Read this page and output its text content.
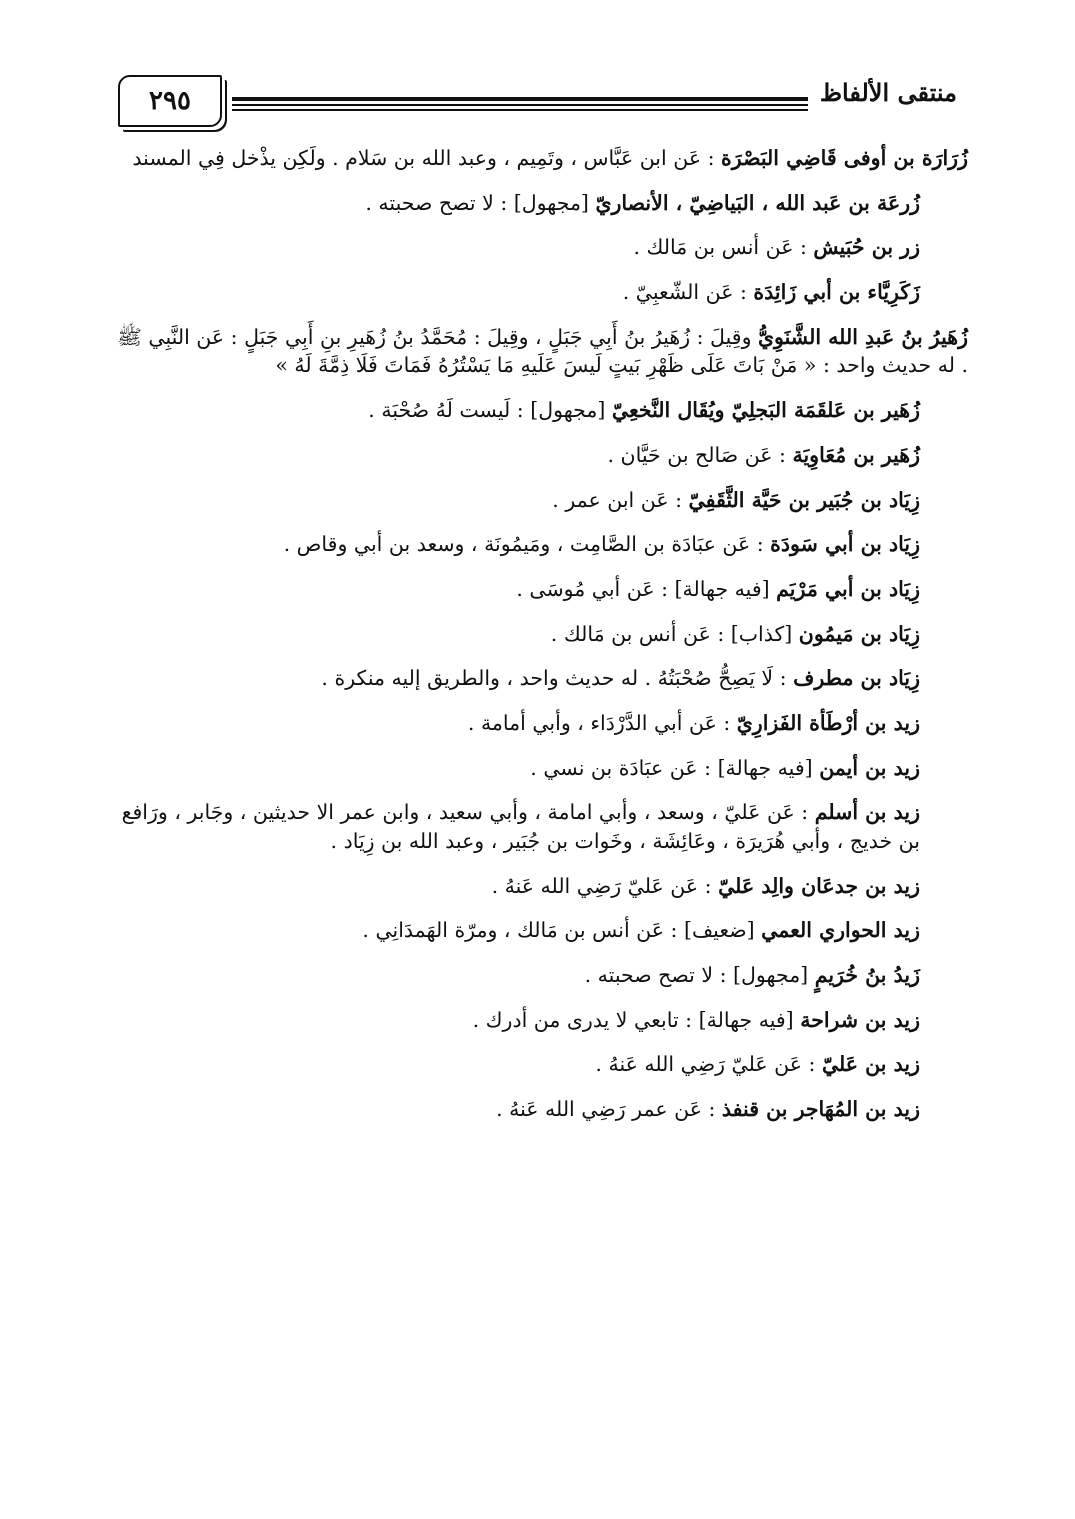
٢٩٥	منتقى الألفاظ

زُرَارَة بن أوفى قَاضِي البَصْرَة : عَن ابن عَبَّاس ، وتَمِيم ، وعبد الله بن سَلام . ولَكِن يذْخل فِي المسند

زُرعَة بن عَبد الله ، البَياضِيّ ، الأنصاريّ [مجهول] : لا تصح صحبته .

زر بن حُبَيش : عَن أنس بن مَالك .

زَكَرِيَّاء بن أبي زَائِدَة : عَن الشّعبِيّ .

زُهَيرُ بنُ عَبدِ الله الشَّنَوِيُّ وقِيلَ : زُهَيرُ بنُ أَبِي جَبَلٍ ، وقِيلَ : مُحَمَّدُ بنُ زُهَيرِ بنِ أَبِي جَبَلٍ : عَن النَّبِي ﷺ . له حديث واحد : « مَنْ بَاتَ عَلَى ظَهْرِ بَيتٍ لَيسَ عَلَيهِ مَا يَسْتُرُهُ فَمَاتَ فَلَا ذِمَّةَ لَهُ »

زُهَير بن عَلقَمَة البَجلِيّ ويُقَال النَّخعِيّ [مجهول] : لَيست لَهُ صُحْبَة .

زُهَير بن مُعَاوِيَة : عَن صَالح بن حَيَّان .

زِيَاد بن جُبَير بن حَيَّة الثَّقَفِيّ : عَن ابن عمر .

زِيَاد بن أبي سَودَة : عَن عبَادَة بن الصَّامِت ، ومَيمُونَة ، وسعد بن أبي وقاص .

زِيَاد بن أبي مَرْيَم [فيه جهالة] : عَن أبي مُوسَى .

زِيَاد بن مَيمُون [كذاب] : عَن أنس بن مَالك .

زِيَاد بن مطرف : لَا يَصِحُّ صُحْبَتُهُ . له حديث واحد ، والطريق إليه منكرة .

زيد بن أرْطَأة الفَزارِيّ : عَن أبي الدَّرْدَاء ، وأبي أمامة .

زيد بن أيمن [فيه جهالة] : عَن عبَادَة بن نسي .

زيد بن أسلم : عَن عَليّ ، وسعد ، وأبي امامة ، وأبي سعيد ، وابن عمر الا حديثين ، وجَابر ، ورَافع بن خديج ، وأبي هُرَيرَة ، وعَائِشَة ، وخَوات بن جُبَير ، وعبد الله بن زِيَاد .

زيد بن جدعَان والِد عَليّ : عَن عَليّ رَضِي الله عَنهُ .

زيد الحواري العمي [ضعيف] : عَن أنس بن مَالك ، ومرّة الهَمدَانِي .

زَيدُ بنُ خُرَيمٍ [مجهول] : لا تصح صحبته .

زيد بن شراحة [فيه جهالة] : تابعي لا يدرى من أدرك .

زيد بن عَليّ : عَن عَليّ رَضِي الله عَنهُ .

زيد بن المُهَاجر بن قنفذ : عَن عمر رَضِي الله عَنهُ .
